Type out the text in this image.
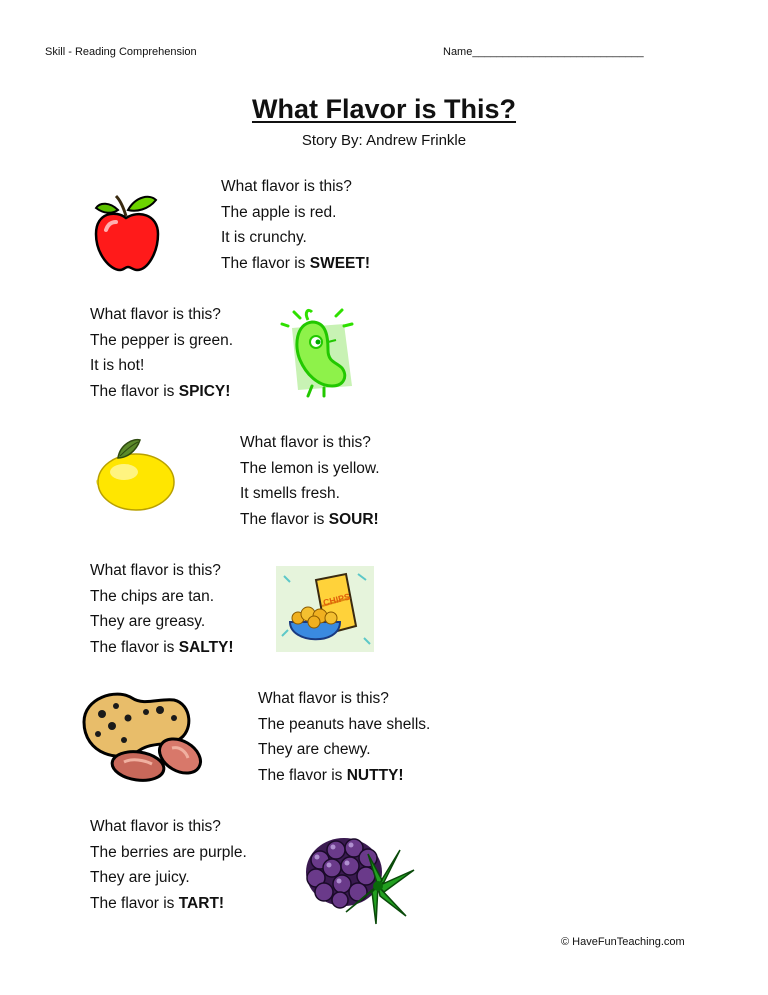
Skill - Reading Comprehension	Name____________________________
What Flavor is This?
Story By: Andrew Frinkle
What flavor is this?
The apple is red.
It is crunchy.
The flavor is SWEET!
What flavor is this?
The pepper is green.
It is hot!
The flavor is SPICY!
What flavor is this?
The lemon is yellow.
It smells fresh.
The flavor is SOUR!
What flavor is this?
The chips are tan.
They are greasy.
The flavor is SALTY!
CHIPS
What flavor is this?
The peanuts have shells.
They are chewy.
The flavor is NUTTY!
What flavor is this?
The berries are purple.
They are juicy.
The flavor is TART!
© HaveFunTeaching.com
